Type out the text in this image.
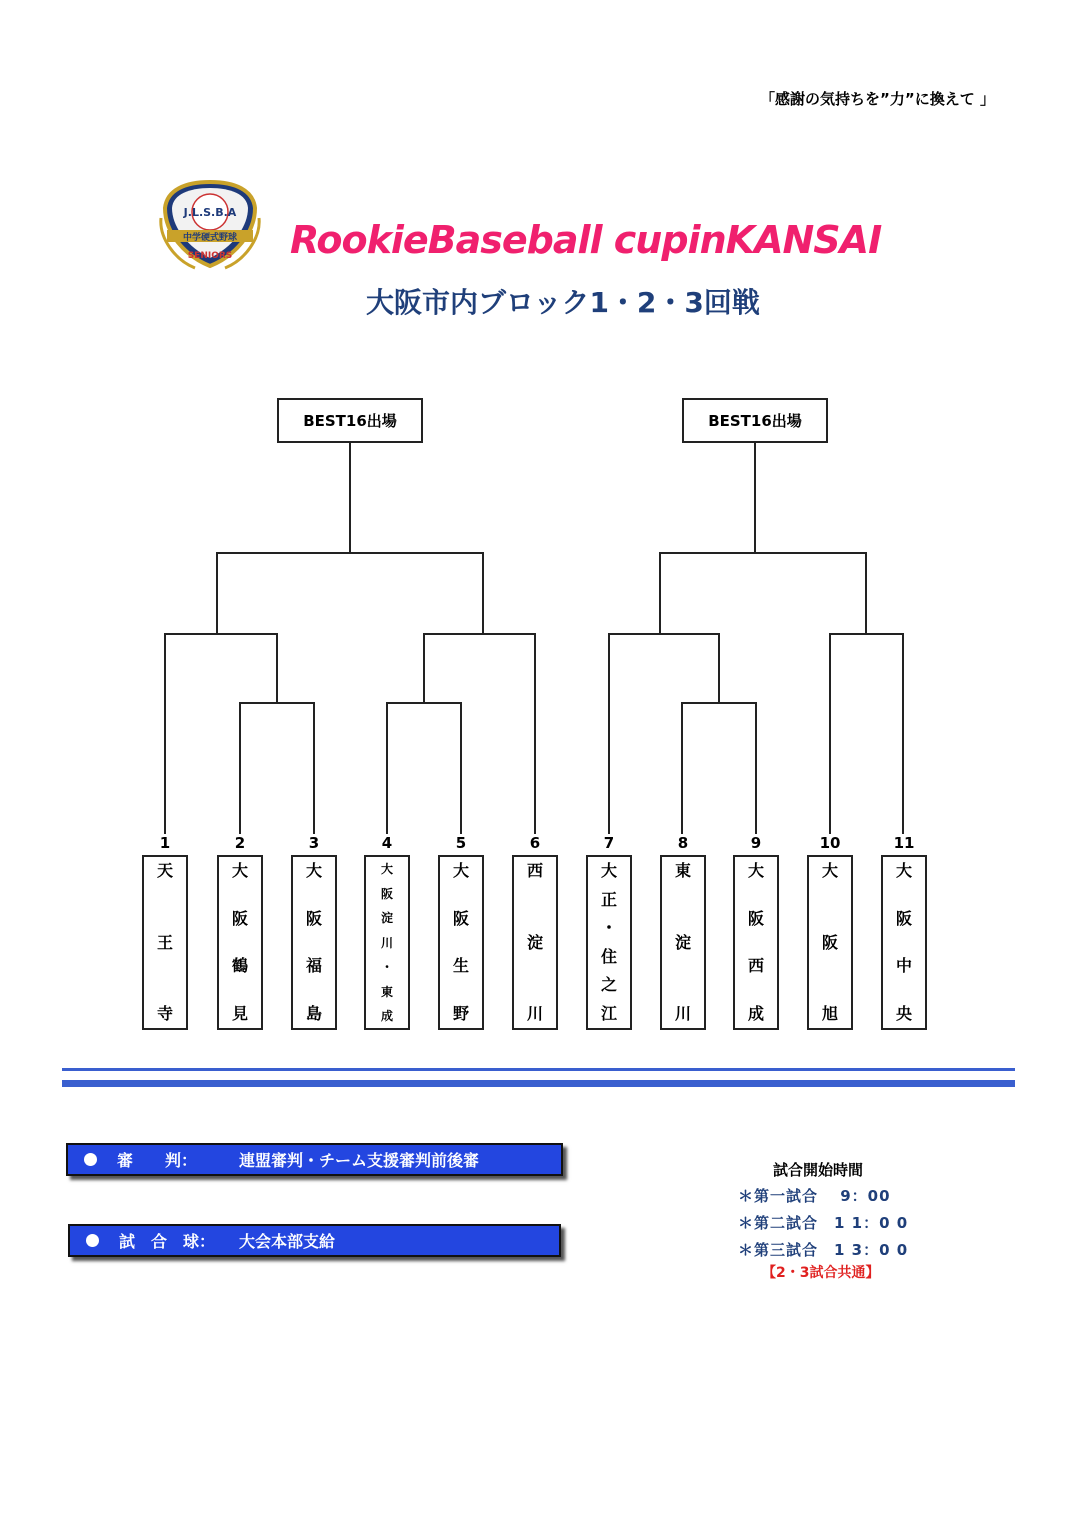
「感謝の気持ちを”力”に換えて 」
J.L.S.B.A
中学硬式野球
SENIORS RookieBaseball cupinKANSAI
大阪市内ブロック1・2・3回戦
BEST16出場	BEST16出場
1
天
王
寺
2
大
阪
鶴
見
3
大
阪
福
島
4
大
阪
淀
川
・
東
成
5
大
阪
生
野
6
西
淀
川
7
大
正
・
住
之
江
8
東
淀
川
9
大
阪
西
成
10
大
阪
旭
11
大
阪
中
央
審　　判：	連盟審判・チーム支援審判前後審
試　合　球：	大会本部支給
試合開始時間
＊第一試合　 9：00
＊第二試合　1 1：0 0
＊第三試合　1 3：0 0
【2・3試合共通】
